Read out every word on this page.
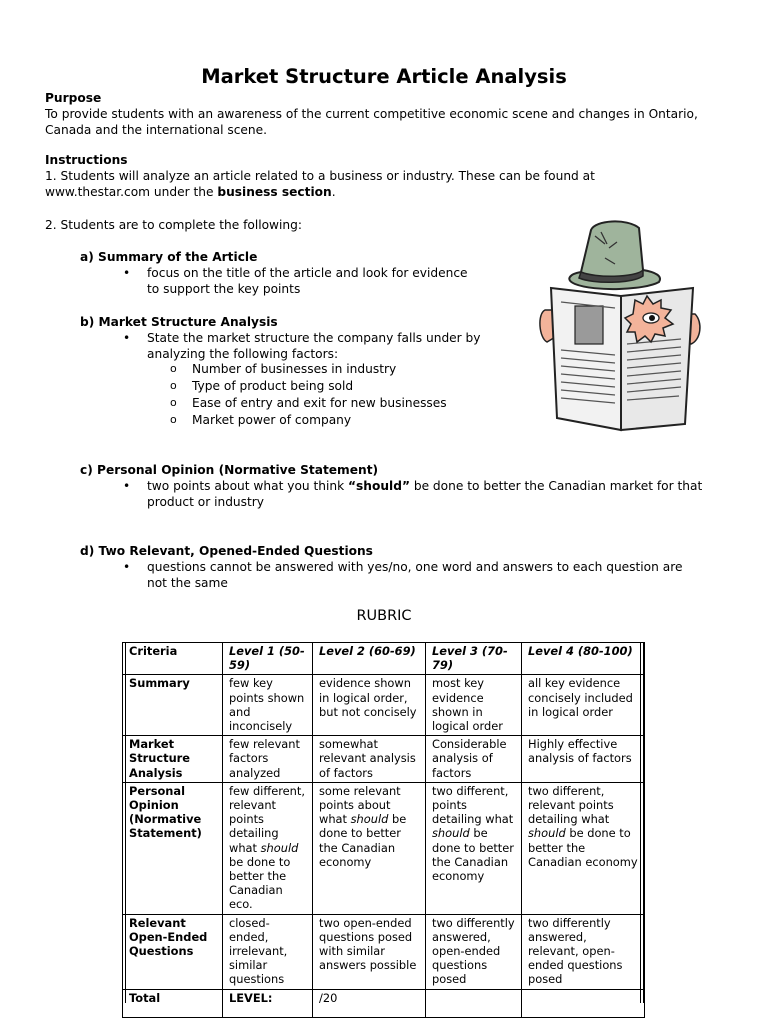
Market Structure Article Analysis
Purpose
To provide students with an awareness of the current competitive economic scene and changes in Ontario,
Canada and the international scene.
Instructions
1. Students will analyze an article related to a business or industry. These can be found at
www.thestar.com under the business section.
2. Students are to complete the following:
a) Summary of the Article
• focus on the title of the article and look for evidence
to support the key points
b) Market Structure Analysis
• State the market structure the company falls under by
analyzing the following factors:
o Number of businesses in industry
o Type of product being sold
o Ease of entry and exit for new businesses
o Market power of company
c) Personal Opinion (Normative Statement)
• two points about what you think “should” be done to better the Canadian market for that
product or industry
d) Two Relevant, Opened-Ended Questions
• questions cannot be answered with yes/no, one word and answers to each question are
not the same
RUBRIC
Criteria	Level 1 (50-59)	Level 2 (60-69)	Level 3 (70-79)	Level 4 (80-100)
Summary	few key points shown and inconcisely	evidence shown in logical order, but not concisely	most key evidence shown in logical order	all key evidence concisely included in logical order
Market Structure Analysis	few relevant factors analyzed	somewhat relevant analysis of factors	Considerable analysis of factors	Highly effective analysis of factors
Personal Opinion (Normative Statement)	few different, relevant points detailing what should be done to better the Canadian eco.	some relevant points about what should be done to better the Canadian economy	two different, points detailing what should be done to better the Canadian economy	two different, relevant points detailing what should be done to better the Canadian economy
Relevant Open-Ended Questions	closed-ended, irrelevant, similar questions	two open-ended questions posed with similar answers possible	two differently answered, open-ended questions posed	two differently answered, relevant, open-ended questions posed
Total	LEVEL:	/20		
